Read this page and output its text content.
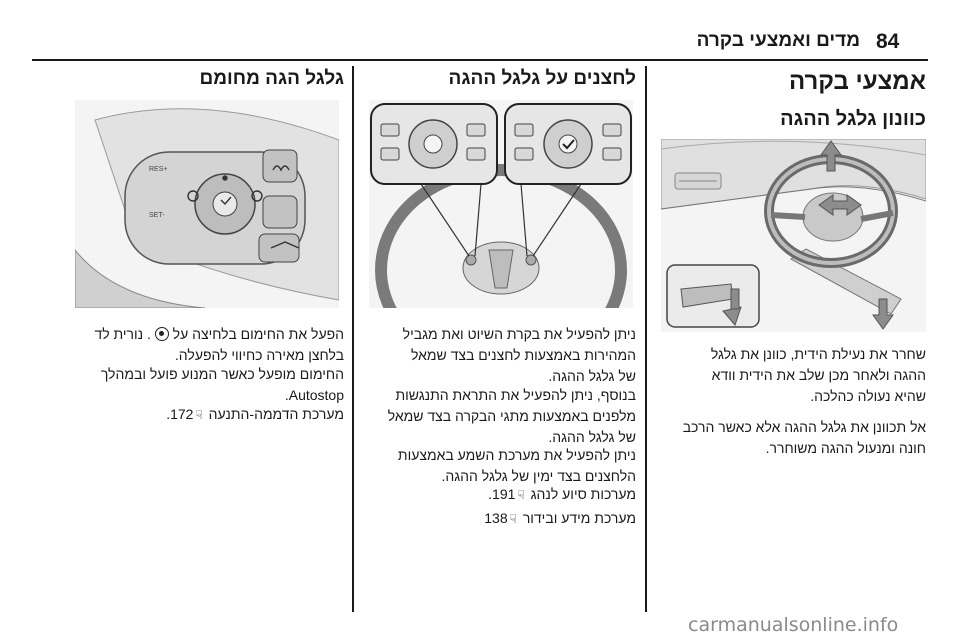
84
מדים ואמצעי בקרה
אמצעי בקרה
כוונון גלגל ההגה
שחרר את נעילת הידית, כוונן את גלגל
ההגה ולאחר מכן שלב את הידית וודא
שהיא נעולה כהלכה.
אל תכוונן את גלגל ההגה אלא כאשר הרכב
חונה ומנעול ההגה משוחרר.
לחצנים על גלגל ההגה
ניתן להפעיל את בקרת השיוט ואת מגביל
המהירות באמצעות לחצנים בצד שמאל
של גלגל ההגה.
בנוסף, ניתן להפעיל את התראת התנגשות
מלפנים באמצעות מתגי הבקרה בצד שמאל
של גלגל ההגה.
ניתן להפעיל את מערכת השמע באמצעות
הלחצנים בצד ימין של גלגל ההגה.
מערכות סיוע לנהג ☟191.
מערכת מידע ובידור ☟138
גלגל הגה מחומם
RES+
SET-
הפעל את החימום בלחיצה על
. נורית לד
בלחצן מאירה כחיווי להפעלה.
החימום מופעל כאשר המנוע פועל ובמהלך
Autostop.
מערכת הדממה-התנעה ☟172.
carmanualsonline.info
